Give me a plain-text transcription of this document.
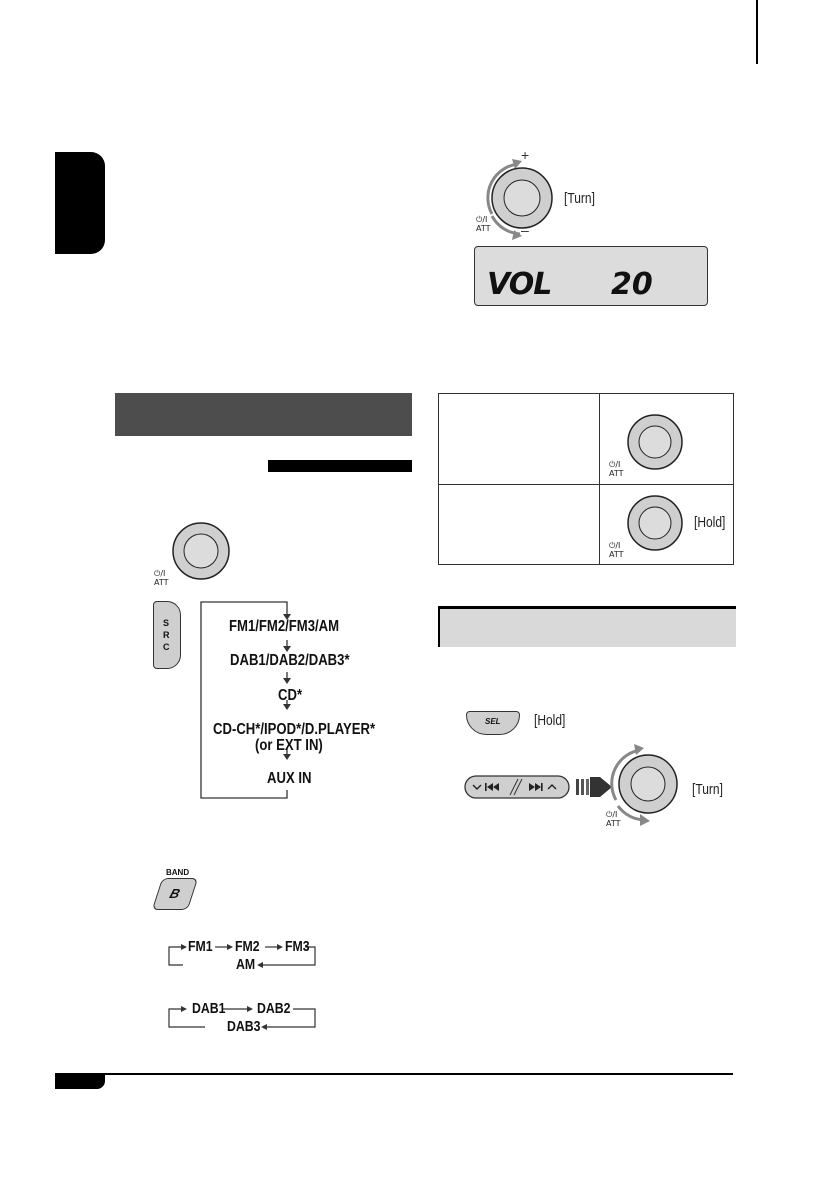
+
–
⏻/I
ATT
[Turn]
VOL 20
⏻/I
ATT
S
R
C
FM1/FM2/FM3/AM
DAB1/DAB2/DAB3*
CD*
CD-CH*/IPOD*/D.PLAYER*
(or EXT IN)
AUX IN
BAND
B
FM1 FM2 FM3
AM
DAB1 DAB2
DAB3
⏻/I
ATT
⏻/I
ATT
[Hold]
SEL [Hold]
⏻/I
ATT
[Turn]
